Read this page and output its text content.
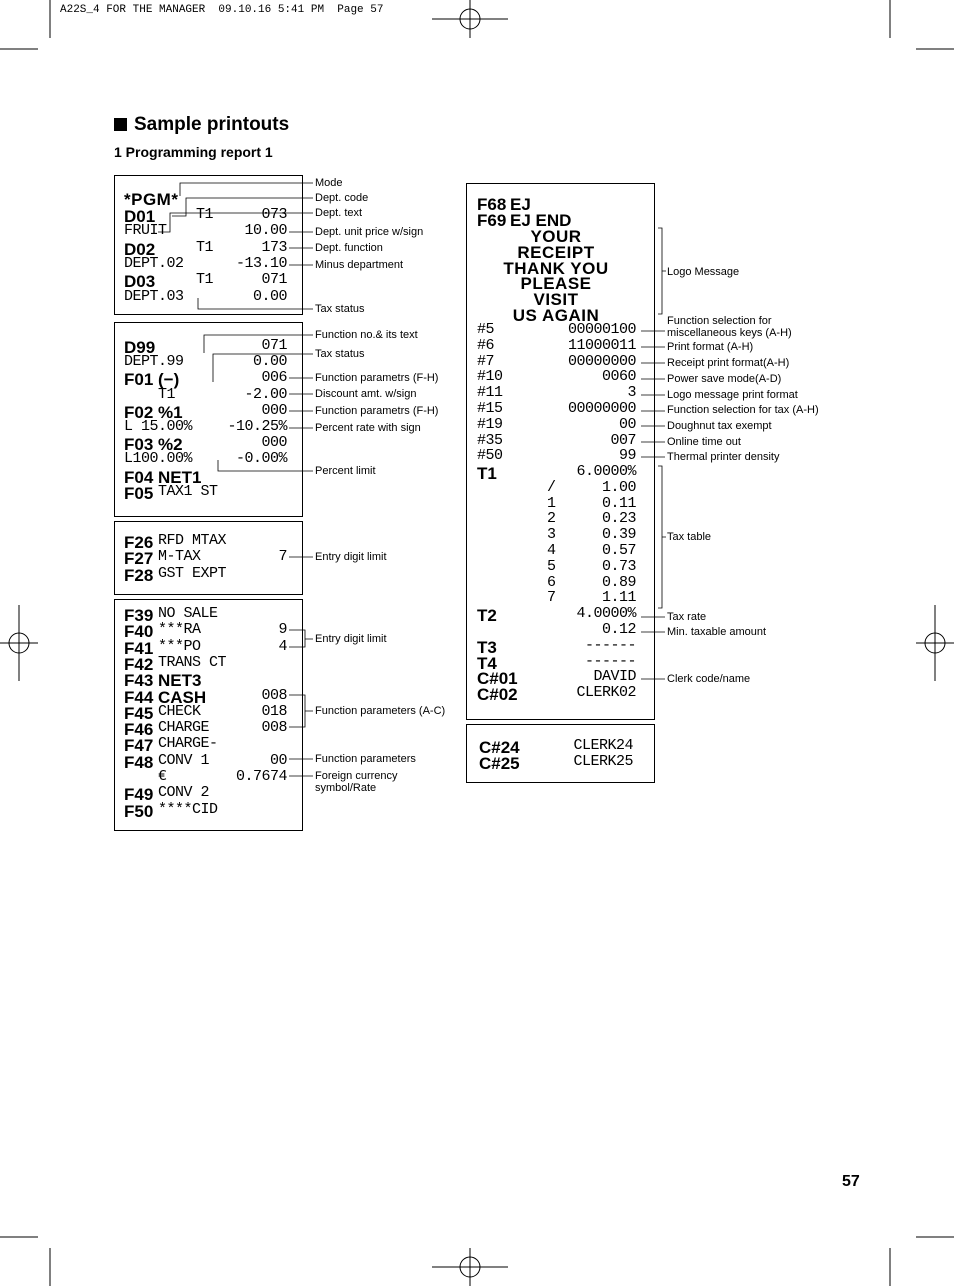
A22S_4 FOR THE MANAGER  09.10.16 5:41 PM  Page 57
Sample printouts
1 Programming report 1
57
*PGM*
D01	T1	073
FRUIT	10.00
D02	T1	173
DEPT.02	-13.10
D03	T1	071
DEPT.03	0.00
D99	071
DEPT.99	0.00
F01 (−)	006
T1	-2.00
F02 %1	000
L 15.00%	-10.25%
F03 %2	000
L100.00%	-0.00%
F04 NET1
F05 TAX1 ST
F26 RFD MTAX
F27 M-TAX	7
F28 GST EXPT
F39 NO SALE
F40 ***RA	9
F41 ***PO	4
F42 TRANS CT
F43 NET3
F44 CASH	008
F45 CHECK	018
F46 CHARGE	008
F47 CHARGE-
F48 CONV 1	00
€	0.7674
F49 CONV 2
F50 ****CID
F68 EJ
F69 EJ END
YOUR
RECEIPT
THANK YOU
PLEASE
VISIT
US AGAIN
#5	00000100
#6	11000011
#7	00000000
#10	0060
#11	3
#15	00000000
#19	00
#35	007
#50	99
T1	6.0000%
/	1.00
1	0.11
2	0.23
3	0.39
4	0.57
5	0.73
6	0.89
7	1.11
T2	4.0000%
0.12
T3	------
T4	------
C#01	DAVID
C#02	CLERK02
C#24	CLERK24
C#25	CLERK25
Mode
Dept. code
Dept. text
Dept. unit price w/sign
Dept. function
Minus department
Tax status
Function no.& its text
Tax status
Function parametrs (F-H)
Discount amt. w/sign
Function parametrs (F-H)
Percent rate with sign
Percent limit
Entry digit limit
Entry digit limit
Function parameters (A-C)
Function parameters
Foreign currency
symbol/Rate
Logo Message
Function selection for
miscellaneous keys (A-H)
Print format (A-H)
Receipt print format(A-H)
Power save mode(A-D)
Logo message print format
Function selection for tax (A-H)
Doughnut tax exempt
Online time out
Thermal printer density
Tax table
Tax rate
Min. taxable amount
Clerk code/name
